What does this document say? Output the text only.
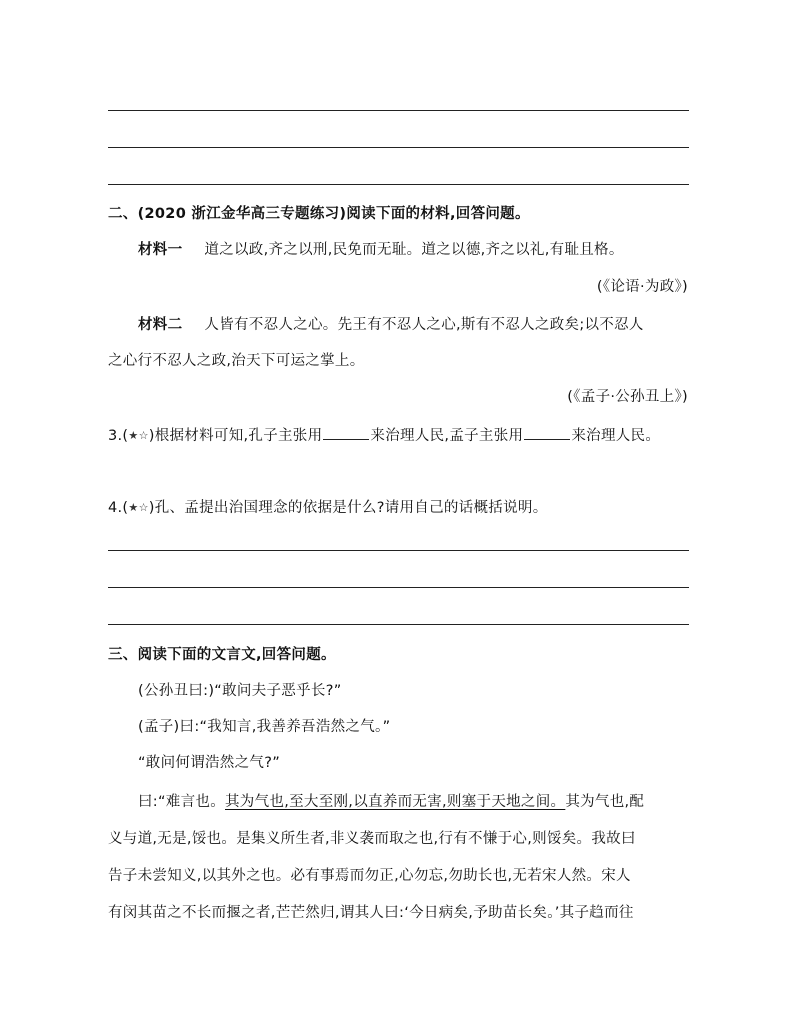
二、(2020 浙江金华高三专题练习)阅读下面的材料,回答问题。
材料一 道之以政,齐之以刑,民免而无耻。道之以德,齐之以礼,有耻且格。
(《论语·为政》)
材料二 人皆有不忍人之心。先王有不忍人之心,斯有不忍人之政矣;以不忍人
之心行不忍人之政,治天下可运之掌上。
(《孟子·公孙丑上》)
3.(★☆)根据材料可知,孔子主张用	来治理人民,孟子主张用	来治理人民。
4.(★☆)孔、孟提出治国理念的依据是什么?请用自己的话概括说明。
三、阅读下面的文言文,回答问题。
(公孙丑曰:)“敢问夫子恶乎长?”
(孟子)曰:“我知言,我善养吾浩然之气。”
“敢问何谓浩然之气?”
曰:“难言也。其为气也,至大至刚,以直养而无害,则塞于天地之间。其为气也,配
义与道,无是,馁也。是集义所生者,非义袭而取之也,行有不慊于心,则馁矣。我故曰
告子未尝知义,以其外之也。必有事焉而勿正,心勿忘,勿助长也,无若宋人然。宋人
有闵其苗之不长而揠之者,芒芒然归,谓其人曰:‘今日病矣,予助苗长矣。’其子趋而往
